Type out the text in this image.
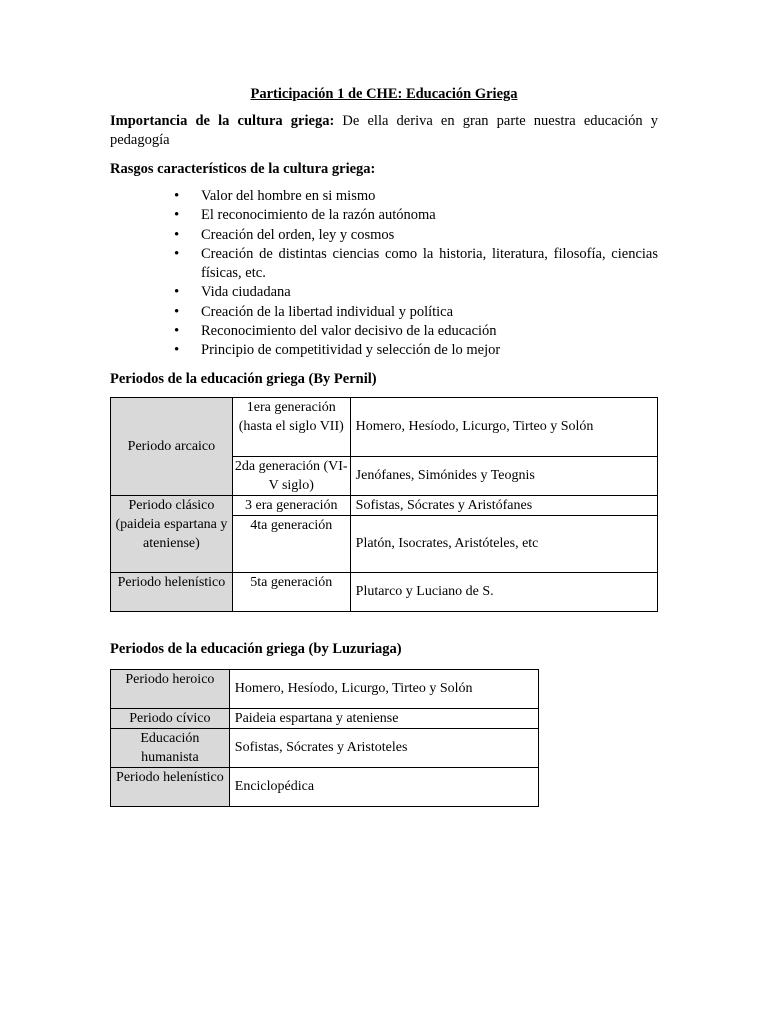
Participación 1 de CHE: Educación Griega

Importancia de la cultura griega: De ella deriva en gran parte nuestra educación y pedagogía

Rasgos característicos de la cultura griega:
• Valor del hombre en si mismo
• El reconocimiento de la razón autónoma
• Creación del orden, ley y cosmos
• Creación de distintas ciencias como la historia, literatura, filosofía, ciencias físicas, etc.
• Vida ciudadana
• Creación de la libertad individual y política
• Reconocimiento del valor decisivo de la educación
• Principio de competitividad y selección de lo mejor
Periodos de la educación griega (By Pernil)
Periodo arcaico	1era generación (hasta el siglo VII)	Homero, Hesíodo, Licurgo, Tirteo y Solón
	2da generación (VI-V siglo)	Jenófanes, Simónides y Teognis
Periodo clásico (paideia espartana y ateniense)	3 era generación	Sofistas, Sócrates y Aristófanes
	4ta generación	Platón, Isocrates, Aristóteles, etc
Periodo helenístico	5ta generación	Plutarco y Luciano de S.
Periodos de la educación griega (by Luzuriaga)
Periodo heroico	Homero, Hesíodo, Licurgo, Tirteo y Solón
Periodo cívico	Paideia espartana y ateniense
Educación humanista	Sofistas, Sócrates y Aristoteles
Periodo helenístico	Enciclopédica
